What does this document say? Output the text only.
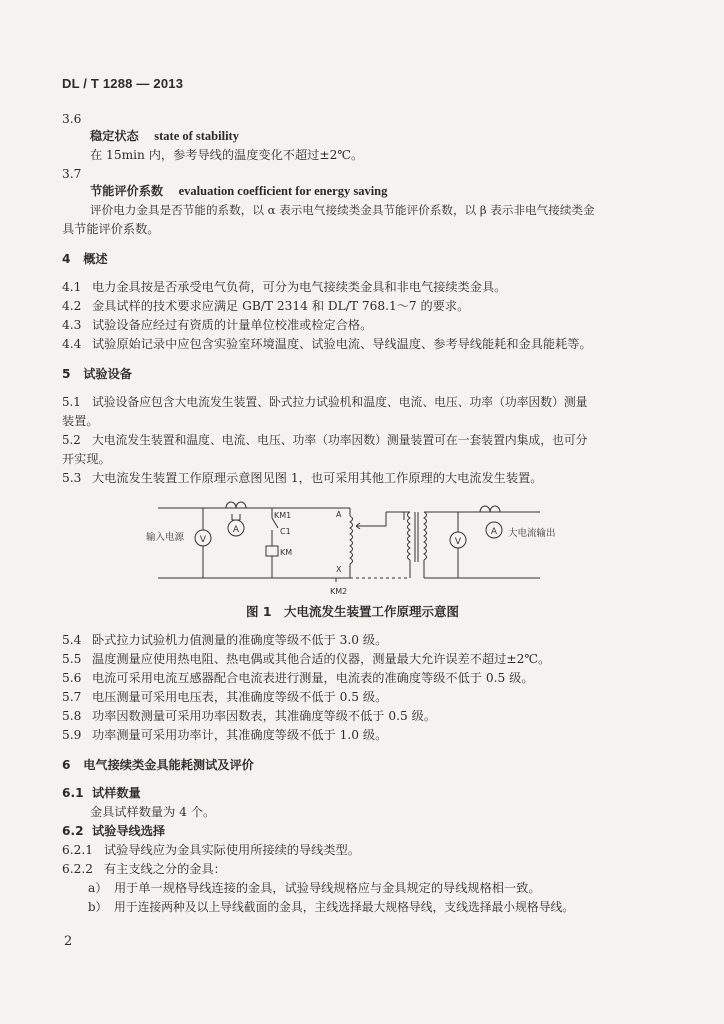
DL / T 1288 — 2013
3.6
稳定状态 state of stability
在 15min 内，参考导线的温度变化不超过±2℃。
3.7
节能评价系数 evaluation coefficient for energy saving
评价电力金具是否节能的系数，以 α 表示电气接续类金具节能评价系数，以 β 表示非电气接续类金
具节能评价系数。
4 概述
4.1 电力金具按是否承受电气负荷，可分为电气接续类金具和非电气接续类金具。
4.2 金具试样的技术要求应满足 GB/T 2314 和 DL/T 768.1～7 的要求。
4.3 试验设备应经过有资质的计量单位校准或检定合格。
4.4 试验原始记录中应包含实验室环境温度、试验电流、导线温度、参考导线能耗和金具能耗等。
5 试验设备
5.1 试验设备应包含大电流发生装置、卧式拉力试验机和温度、电流、电压、功率（功率因数）测量
装置。
5.2 大电流发生装置和温度、电流、电压、功率（功率因数）测量装置可在一套装置内集成，也可分
开实现。
5.3 大电流发生装置工作原理示意图见图 1，也可采用其他工作原理的大电流发生装置。
V
A
V
A
输入电源	大电流输出
KM1
C1
KM
KM2
A
X
图 1　大电流发生装置工作原理示意图
5.4 卧式拉力试验机力值测量的准确度等级不低于 3.0 级。
5.5 温度测量应使用热电阻、热电偶或其他合适的仪器，测量最大允许误差不超过±2℃。
5.6 电流可采用电流互感器配合电流表进行测量，电流表的准确度等级不低于 0.5 级。
5.7 电压测量可采用电压表，其准确度等级不低于 0.5 级。
5.8 功率因数测量可采用功率因数表，其准确度等级不低于 0.5 级。
5.9 功率测量可采用功率计，其准确度等级不低于 1.0 级。
6 电气接续类金具能耗测试及评价
6.1 试样数量
金具试样数量为 4 个。
6.2 试验导线选择
6.2.1 试验导线应为金具实际使用所接续的导线类型。
6.2.2 有主支线之分的金具：
a） 用于单一规格导线连接的金具，试验导线规格应与金具规定的导线规格相一致。
b） 用于连接两种及以上导线截面的金具，主线选择最大规格导线，支线选择最小规格导线。
2
